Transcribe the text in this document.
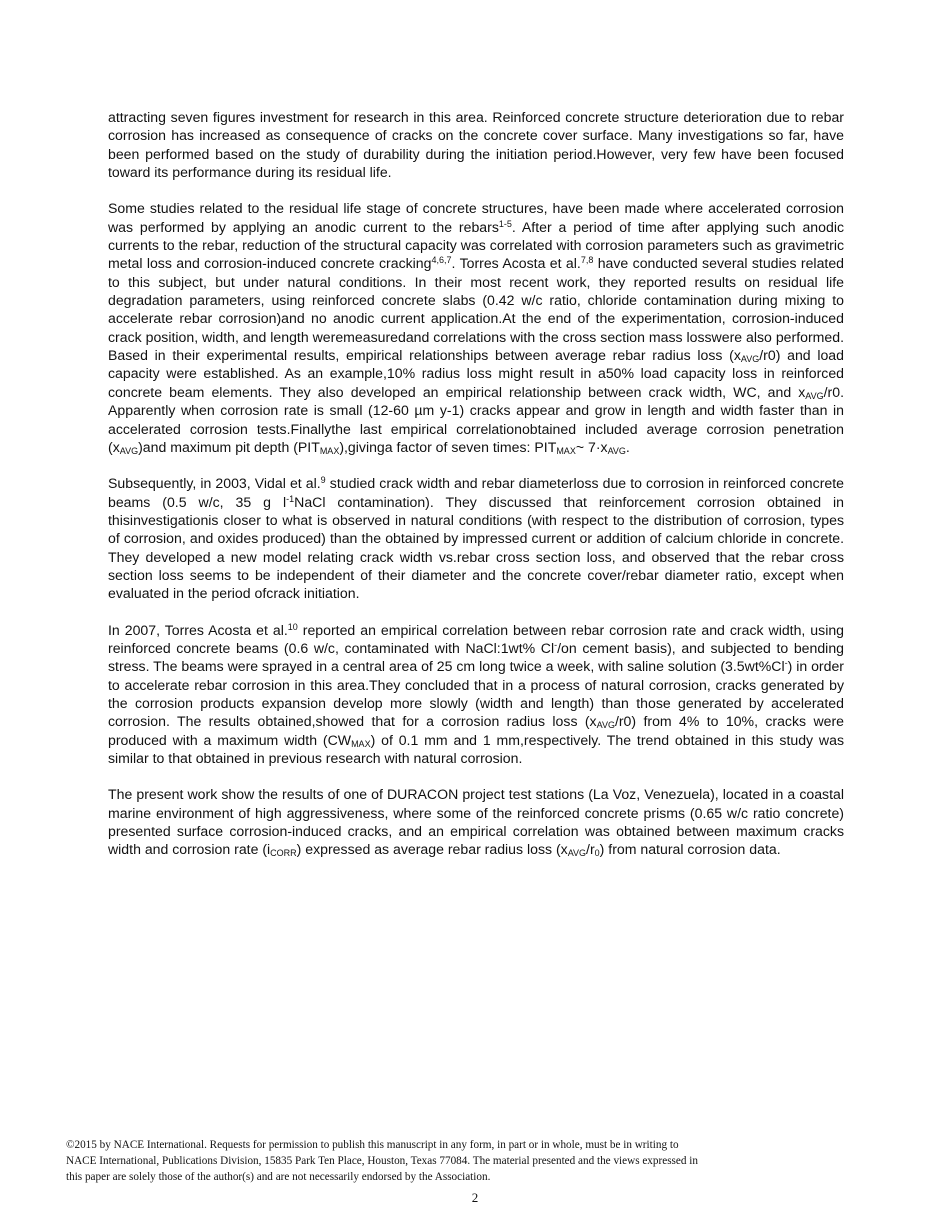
attracting seven figures investment for research in this area. Reinforced concrete structure deterioration due to rebar corrosion has increased as consequence of cracks on the concrete cover surface. Many investigations so far, have been performed based on the study of durability during the initiation period.However, very few have been focused toward its performance during its residual life.

Some studies related to the residual life stage of concrete structures, have been made where accelerated corrosion was performed by applying an anodic current to the rebars$^{1-5}$. After a period of time after applying such anodic currents to the rebar, reduction of the structural capacity was correlated with corrosion parameters such as gravimetric metal loss and corrosion-induced concrete cracking$^{4,6,7}$. Torres Acosta et al.$^{7,8}$ have conducted several studies related to this subject, but under natural conditions. In their most recent work, they reported results on residual life degradation parameters, using reinforced concrete slabs (0.42 w/c ratio, chloride contamination during mixing to accelerate rebar corrosion)and no anodic current application.At the end of the experimentation, corrosion-induced crack position, width, and length weremeasuredand correlations with the cross section mass losswere also performed. Based in their experimental results, empirical relationships between average rebar radius loss $(x_{AVG}/r0)$ and load capacity were established. As an example,10% radius loss might result in a50% load capacity loss in reinforced concrete beam elements. They also developed an empirical relationship between crack width, WC, and $x_{AVG}/r0$. Apparently when corrosion rate is small (12-60 µm y-1) cracks appear and grow in length and width faster than in accelerated corrosion tests.Finallythe last empirical correlationobtained included average corrosion penetration $(x_{AVG})and$ maximum pit depth $(PIT_{MAX}),givinga$ factor of seven times: $PIT_{MAX}\sim$ $7\cdot x_{AVG}$.

Subsequently, in 2003, Vidal et al.$^9$ studied crack width and rebar diameterloss due to corrosion in reinforced concrete beams (0.5 w/c, 35 g $l^{-1}NaCl$ contamination). They discussed that reinforcement corrosion obtained in thisinvestigationis closer to what is observed in natural conditions (with respect to the distribution of corrosion, types of corrosion, and oxides produced) than the obtained by impressed current or addition of calcium chloride in concrete. They developed a new model relating crack width vs.rebar cross section loss, and observed that the rebar cross section loss seems to be independent of their diameter and the concrete cover/rebar diameter ratio, except when evaluated in the period ofcrack initiation.

In 2007, Torres Acosta et al.$^{10}$ reported an empirical correlation between rebar corrosion rate and crack width, using reinforced concrete beams (0.6 w/c, contaminated with NaCl:1wt% Cl-/on cement basis), and subjected to bending stress. The beams were sprayed in a central area of 25 cm long twice a week, with saline solution (3.5wt%Cl-) in order to accelerate rebar corrosion in this area.They concluded that in a process of natural corrosion, cracks generated by the corrosion products expansion develop more slowly (width and length) than those generated by accelerated corrosion. The results obtained,showed that for a corrosion radius loss $(x_{AVG}/r0)$ from 4% to 10%, cracks were produced with a maximum width $(CW_{MAX})$ of 0.1 mm and 1 mm,respectively. The trend obtained in this study was similar to that obtained in previous research with natural corrosion.

The present work show the results of one of DURACON project test stations (La Voz, Venezuela), located in a coastal marine environment of high aggressiveness, where some of the reinforced concrete prisms (0.65 w/c ratio concrete) presented surface corrosion-induced cracks, and an empirical correlation was obtained between maximum cracks width and corrosion rate $(i_{CORR})$ expressed as average rebar radius loss $(x_{AVG}/r_0)$ from natural corrosion data.

©2015 by NACE International. Requests for permission to publish this manuscript in any form, in part or in whole, must be in writing to
NACE International, Publications Division, 15835 Park Ten Place, Houston, Texas 77084. The material presented and the views expressed in
this paper are solely those of the author(s) and are not necessarily endorsed by the Association.
2
